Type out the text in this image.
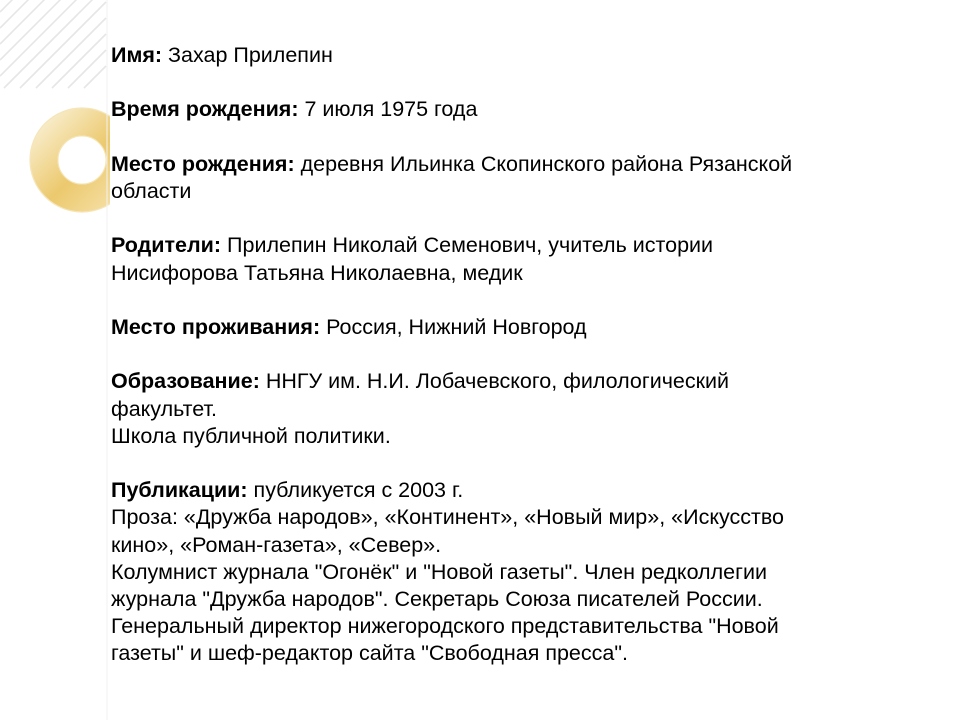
Имя: Захар Прилепин
Время рождения: 7 июля 1975 года
Место рождения: деревня Ильинка Скопинского района Рязанской
области
Родители: Прилепин Николай Семенович, учитель истории
Нисифорова Татьяна Николаевна, медик
Место проживания: Россия, Нижний Новгород
Образование: ННГУ им. Н.И. Лобачевского, филологический
факультет.
Школа публичной политики.
Публикации: публикуется с 2003 г.
Проза: «Дружба народов», «Континент», «Новый мир», «Искусство
кино», «Роман-газета», «Север».
Колумнист журнала "Огонёк" и "Новой газеты". Член редколлегии
журнала "Дружба народов". Секретарь Союза писателей России.
Генеральный директор нижегородского представительства "Новой
газеты" и шеф-редактор сайта "Свободная пресса".
